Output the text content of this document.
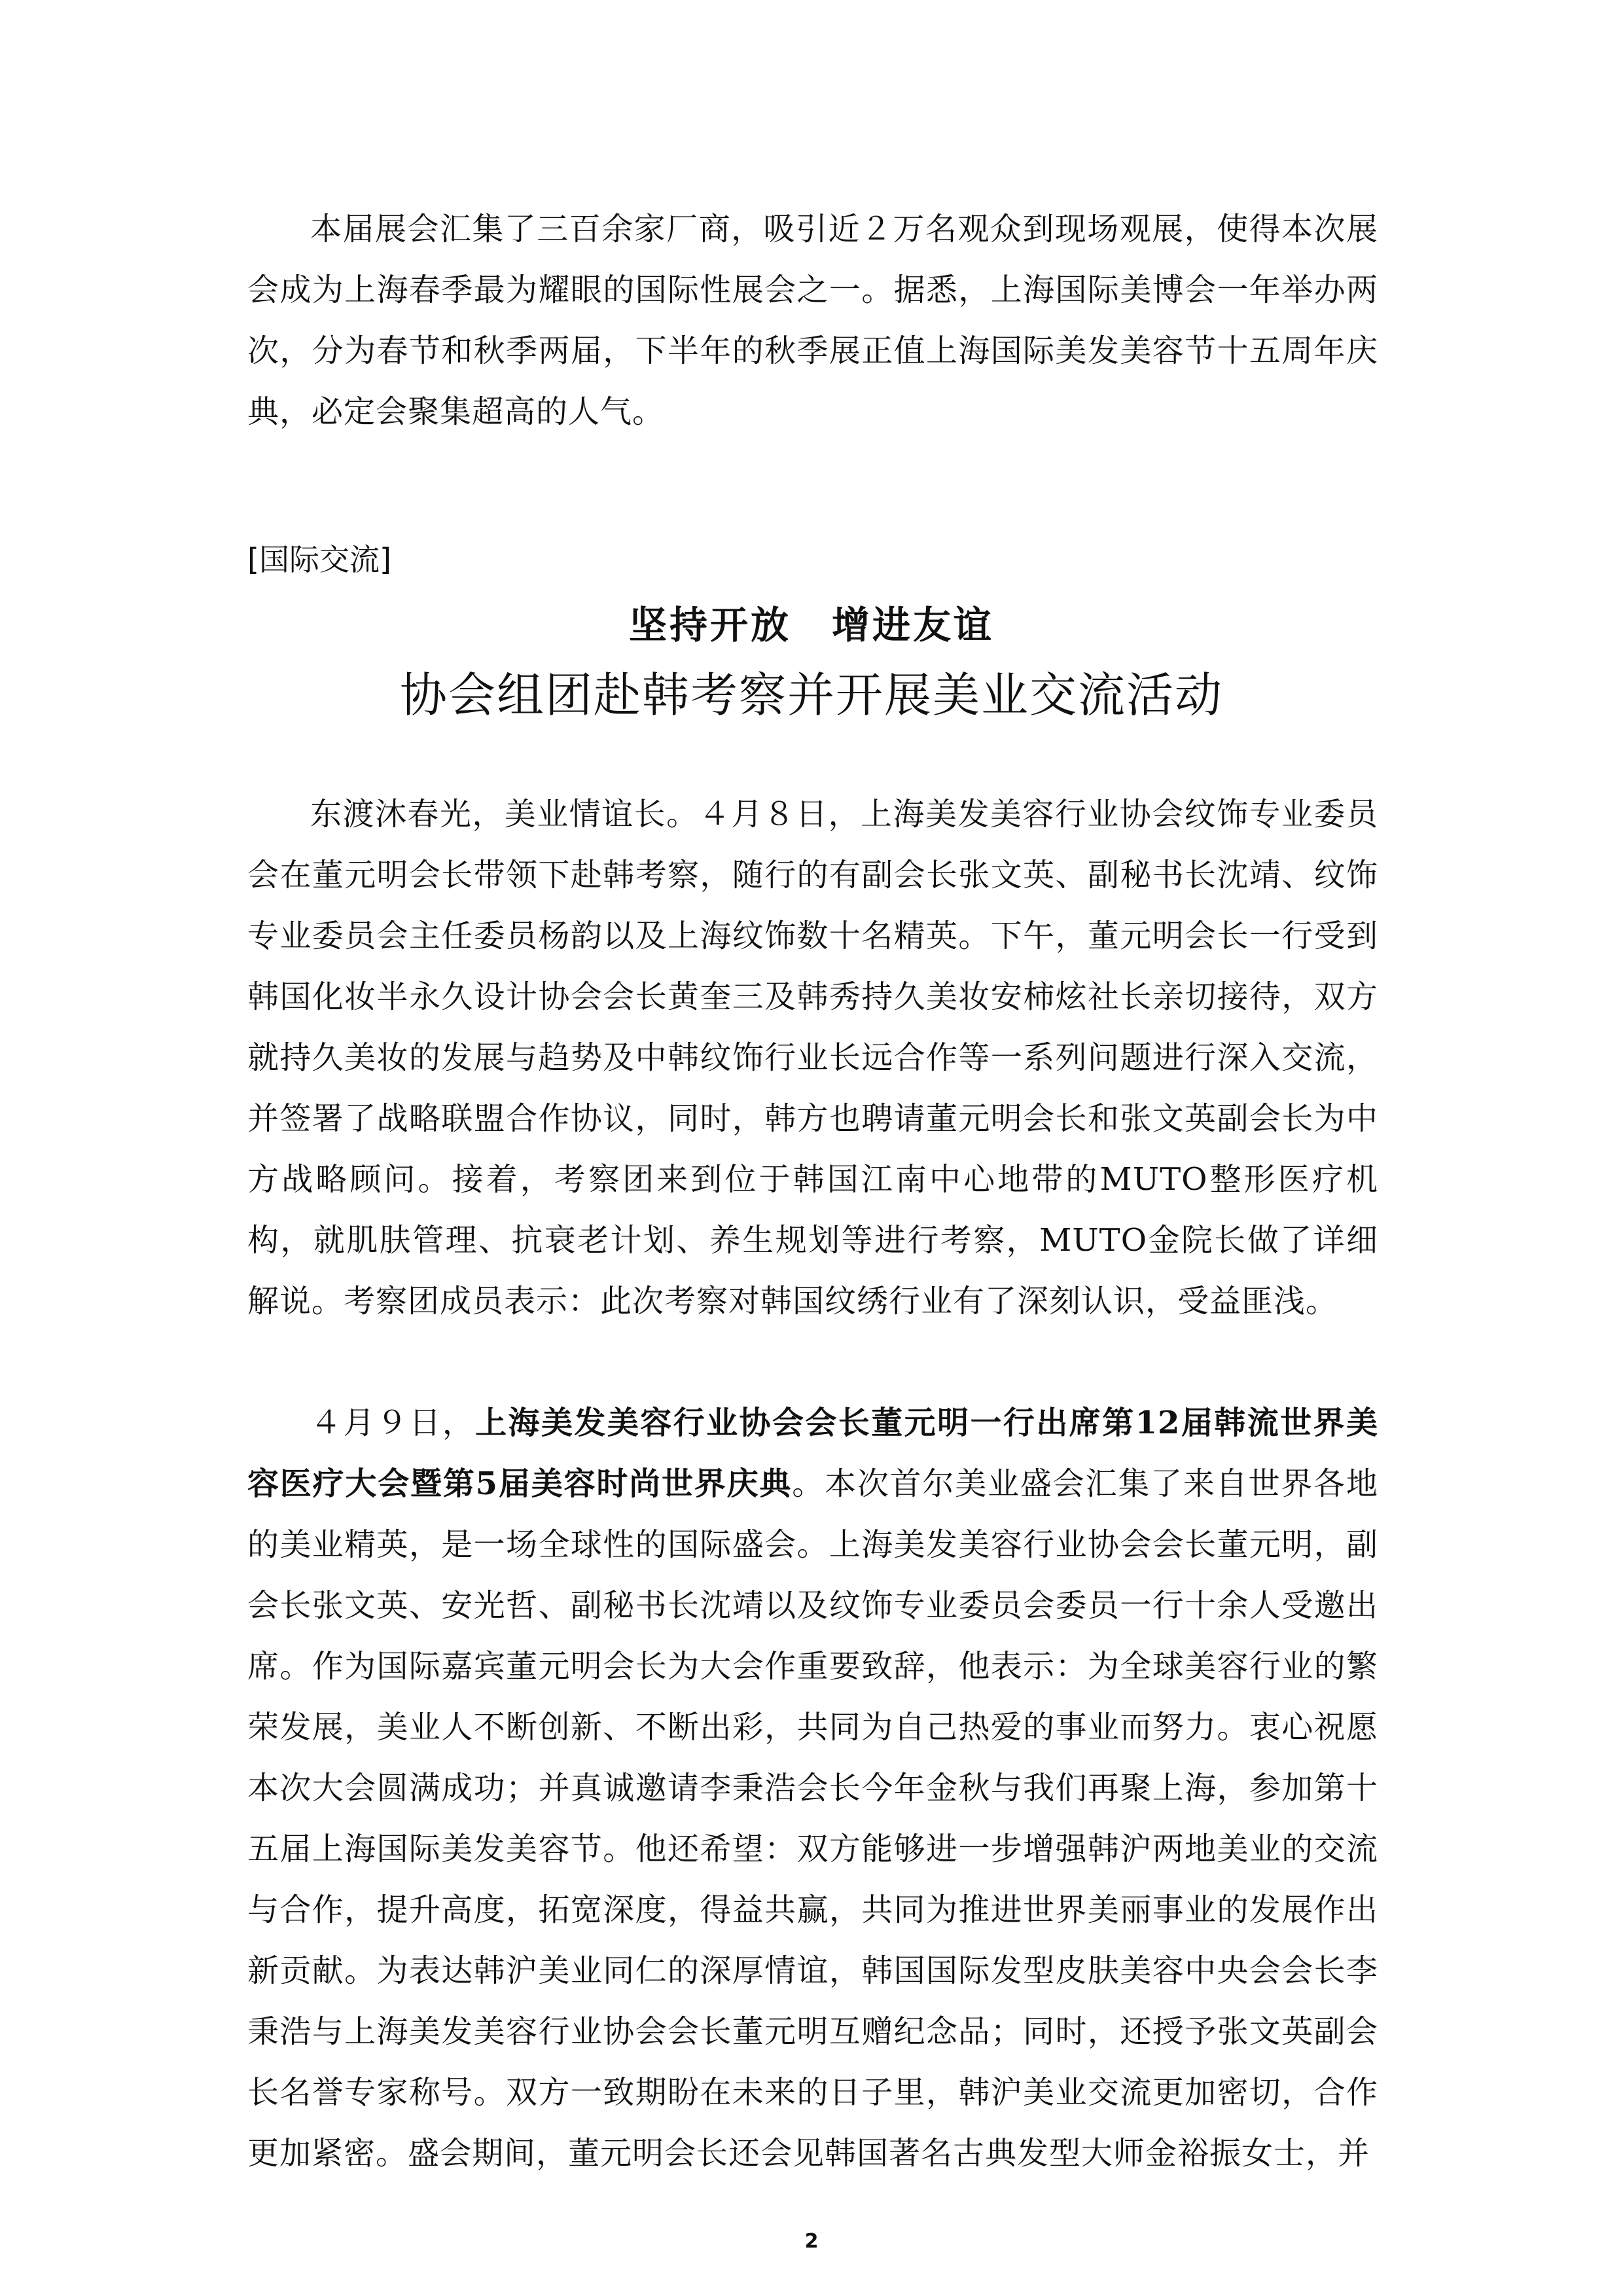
本届展会汇集了三百余家厂商，吸引近２万名观众到现场观展，使得本次展会成为上海春季最为耀眼的国际性展会之一。据悉，上海国际美博会一年举办两次，分为春节和秋季两届，下半年的秋季展正值上海国际美发美容节十五周年庆典，必定会聚集超高的人气。

[国际交流]

坚持开放　增进友谊
协会组团赴韩考察并开展美业交流活动

东渡沐春光，美业情谊长。４月８日，上海美发美容行业协会纹饰专业委员会在董元明会长带领下赴韩考察，随行的有副会长张文英、副秘书长沈靖、纹饰专业委员会主任委员杨韵以及上海纹饰数十名精英。下午，董元明会长一行受到韩国化妆半永久设计协会会长黄奎三及韩秀持久美妆安柿炫社长亲切接待，双方就持久美妆的发展与趋势及中韩纹饰行业长远合作等一系列问题进行深入交流，并签署了战略联盟合作协议，同时，韩方也聘请董元明会长和张文英副会长为中方战略顾问。接着，考察团来到位于韩国江南中心地带的MUTO整形医疗机构，就肌肤管理、抗衰老计划、养生规划等进行考察，MUTO金院长做了详细解说。考察团成员表示：此次考察对韩国纹绣行业有了深刻认识，受益匪浅。

４月９日，上海美发美容行业协会会长董元明一行出席第12届韩流世界美容医疗大会暨第5届美容时尚世界庆典。本次首尔美业盛会汇集了来自世界各地的美业精英，是一场全球性的国际盛会。上海美发美容行业协会会长董元明，副会长张文英、安光哲、副秘书长沈靖以及纹饰专业委员会委员一行十余人受邀出席。作为国际嘉宾董元明会长为大会作重要致辞，他表示：为全球美容行业的繁荣发展，美业人不断创新、不断出彩，共同为自己热爱的事业而努力。衷心祝愿本次大会圆满成功；并真诚邀请李秉浩会长今年金秋与我们再聚上海，参加第十五届上海国际美发美容节。他还希望：双方能够进一步增强韩沪两地美业的交流与合作，提升高度，拓宽深度，得益共赢，共同为推进世界美丽事业的发展作出新贡献。为表达韩沪美业同仁的深厚情谊，韩国国际发型皮肤美容中央会会长李秉浩与上海美发美容行业协会会长董元明互赠纪念品；同时，还授予张文英副会长名誉专家称号。双方一致期盼在未来的日子里，韩沪美业交流更加密切，合作更加紧密。盛会期间，董元明会长还会见韩国著名古典发型大师金裕振女士，并

2
